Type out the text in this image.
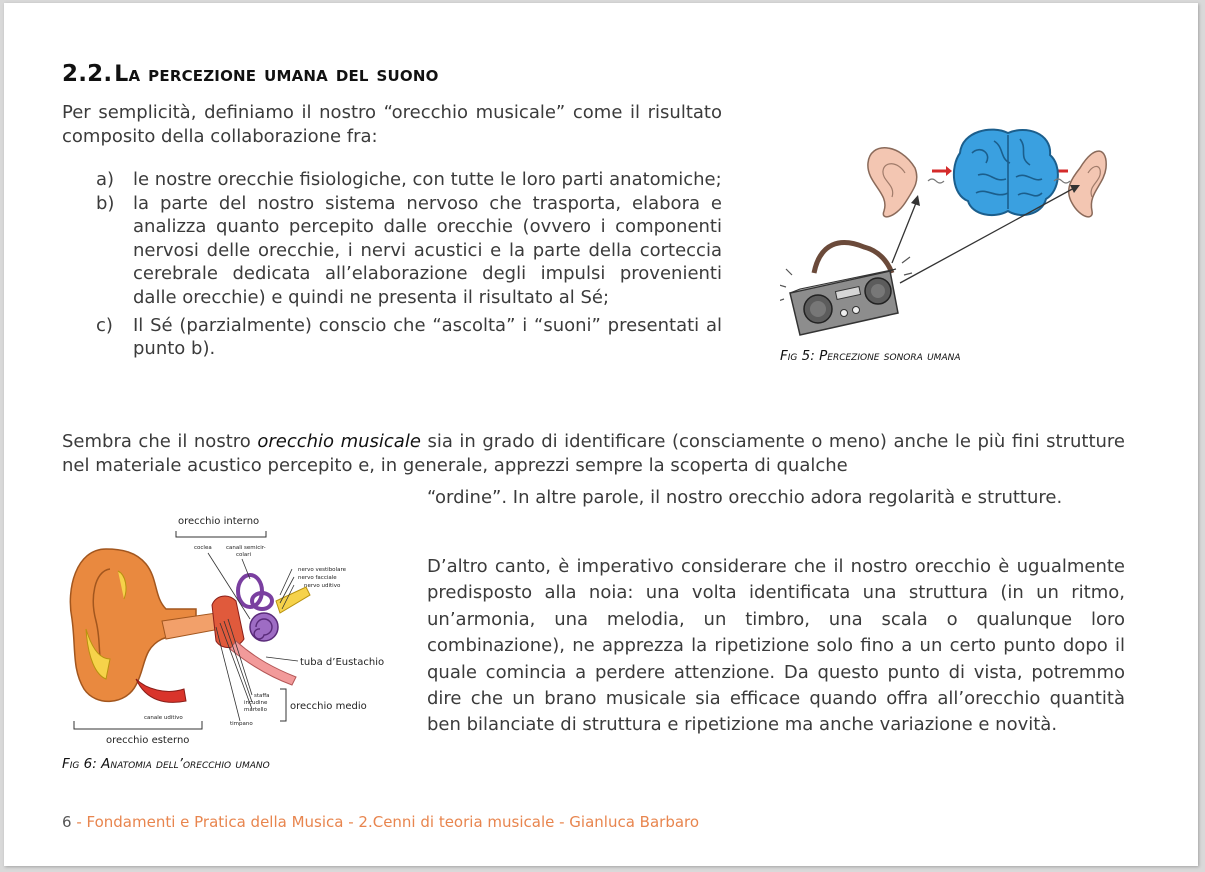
2.2.La percezione umana del suono

Per semplicità, definiamo il nostro “orecchio musicale” come il risultato composito della collaborazione fra:

a) le nostre orecchie fisiologiche, con tutte le loro parti anatomiche;
b) la parte del nostro sistema nervoso che trasporta, elabora e analizza quanto percepito dalle orecchie (ovvero i componenti nervosi delle orecchie, i nervi acustici e la parte della corteccia cerebrale dedicata all’elaborazione degli impulsi provenienti dalle orecchie) e quindi ne presenta il risultato al Sé;
c) Il Sé (parzialmente) conscio che “ascolta” i “suoni” presentati al punto b).	Fig 5: Percezione sonora umana

Sembra che il nostro orecchio musicale sia in grado di identificare (consciamente o meno) anche le più fini strutture nel materiale acustico percepito e, in generale, apprezzi sempre la scoperta di qualche

“ordine”. In altre parole, il nostro orecchio adora regolarità e strutture.

orecchio interno
coclea	canali semicir-
colari
nervo vestibolare
nervo facciale
nervo uditivo
tuba d’Eustachio
staffa
incudine
martello
timpano
orecchio medio
canale uditivo
orecchio esterno
Fig 6: Anatomia dell’orecchio umano

D’altro canto, è imperativo considerare che il nostro orecchio è ugualmente predisposto alla noia: una volta identificata una struttura (in un ritmo, un’armonia, una melodia, un timbro, una scala o qualunque loro combinazione), ne apprezza la ripetizione solo fino a un certo punto dopo il quale comincia a perdere attenzione. Da questo punto di vista, potremmo dire che un brano musicale sia efficace quando offra all’orecchio quantità ben bilanciate di struttura e ripetizione ma anche variazione e novità.

6 - Fondamenti e Pratica della Musica - 2.Cenni di teoria musicale - Gianluca Barbaro
